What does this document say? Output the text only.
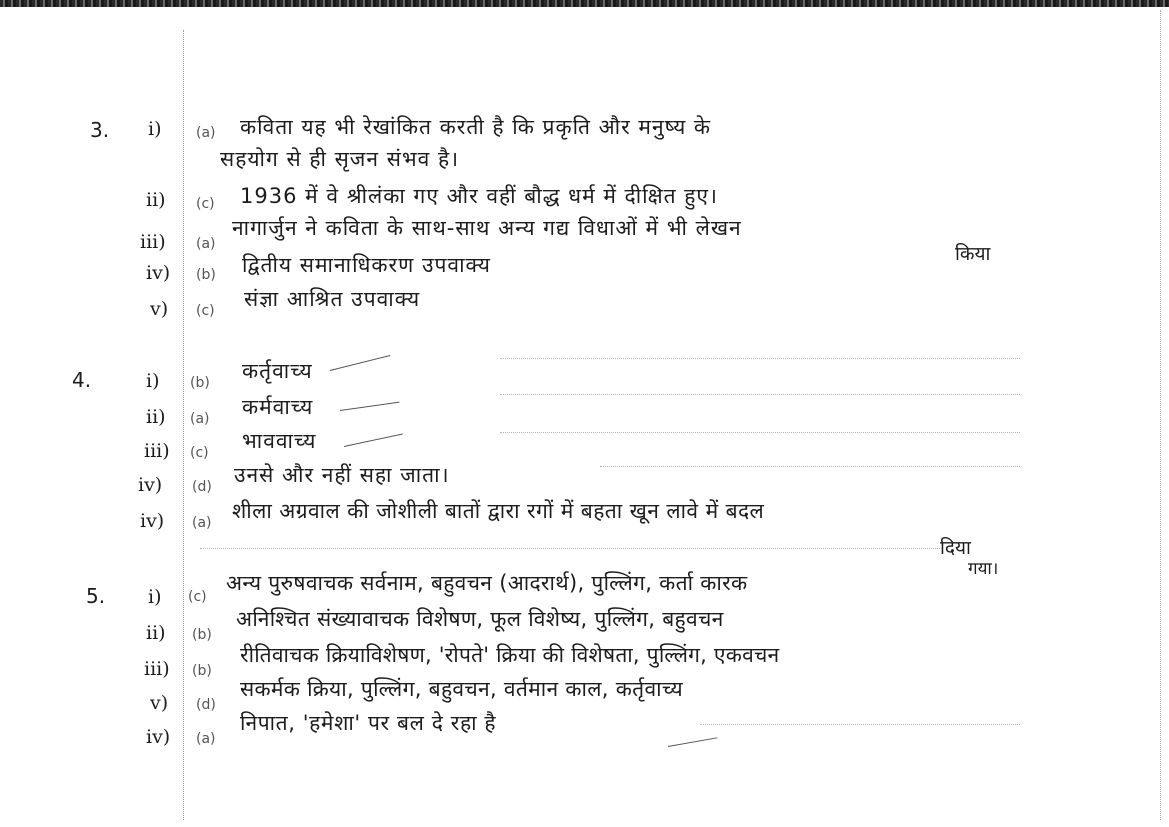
3. i) (a) कविता यह भी रेखांकित करती है कि प्रकृति और मनुष्य के
सहयोग से ही सृजन संभव है।
ii) (c) 1936 में वे श्रीलंका गए और वहीं बौद्ध धर्म में दीक्षित हुए।
iii) (a)
नागार्जुन ने कविता के साथ-साथ अन्य गद्य विधाओं में भी लेखन
किया
iv) (b) द्वितीय समानाधिकरण उपवाक्य
v) (c) संज्ञा आश्रित उपवाक्य
4.	i) (b) कर्तृवाच्य
ii) (a) कर्मवाच्य
iii) (c) भाववाच्य
iv) (d) उनसे और नहीं सहा जाता।
iv) (a) शीला अग्रवाल की जोशीली बातों द्वारा रगों में बहता खून लावे में बदल
दिया
गया।
5. i) (c)
अन्य पुरुषवाचक सर्वनाम, बहुवचन (आदरार्थ), पुल्लिंग, कर्ता कारक
ii) (b)
अनिश्चित संख्यावाचक विशेषण, फूल विशेष्य, पुल्लिंग, बहुवचन
iii) (b)
रीतिवाचक क्रियाविशेषण, 'रोपते' क्रिया की विशेषता, पुल्लिंग, एकवचन
v) (d)
सकर्मक क्रिया, पुल्लिंग, बहुवचन, वर्तमान काल, कर्तृवाच्य
iv) (a)
निपात, 'हमेशा' पर बल दे रहा है
